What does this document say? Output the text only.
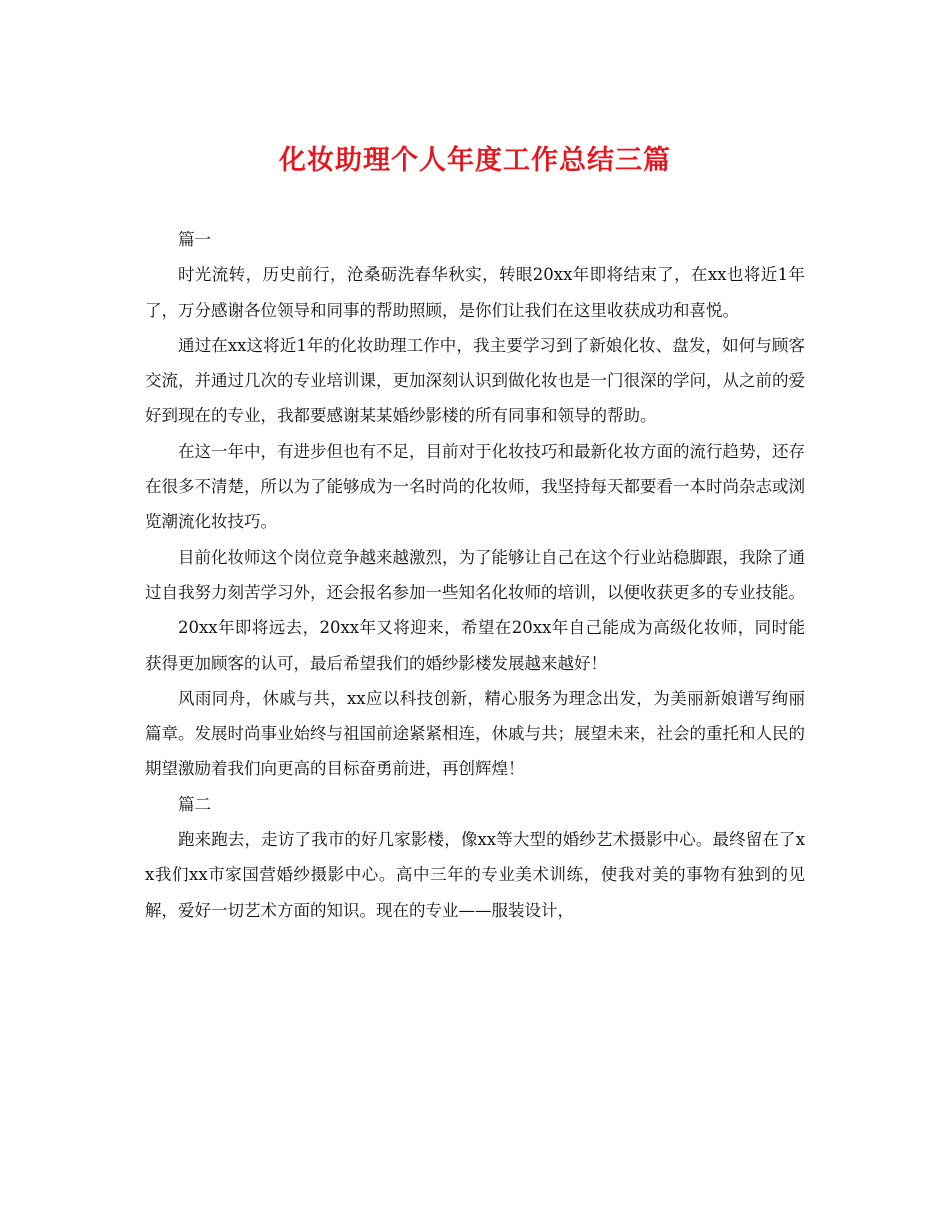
化妆助理个人年度工作总结三篇

篇一

时光流转，历史前行，沧桑砺洗春华秋实，转眼20xx年即将结束了，在xx也将近1年了，万分感谢各位领导和同事的帮助照顾，是你们让我们在这里收获成功和喜悦。

通过在xx这将近1年的化妆助理工作中，我主要学习到了新娘化妆、盘发，如何与顾客交流，并通过几次的专业培训课，更加深刻认识到做化妆也是一门很深的学问，从之前的爱好到现在的专业，我都要感谢某某婚纱影楼的所有同事和领导的帮助。

在这一年中，有进步但也有不足，目前对于化妆技巧和最新化妆方面的流行趋势，还存在很多不清楚，所以为了能够成为一名时尚的化妆师，我坚持每天都要看一本时尚杂志或浏览潮流化妆技巧。

目前化妆师这个岗位竞争越来越激烈，为了能够让自己在这个行业站稳脚跟，我除了通过自我努力刻苦学习外，还会报名参加一些知名化妆师的培训，以便收获更多的专业技能。

20xx年即将远去，20xx年又将迎来，希望在20xx年自己能成为高级化妆师，同时能获得更加顾客的认可，最后希望我们的婚纱影楼发展越来越好！

风雨同舟，休戚与共，xx应以科技创新，精心服务为理念出发，为美丽新娘谱写绚丽篇章。发展时尚事业始终与祖国前途紧紧相连，休戚与共；展望未来，社会的重托和人民的期望激励着我们向更高的目标奋勇前进，再创辉煌！

篇二

跑来跑去，走访了我市的好几家影楼，像xx等大型的婚纱艺术摄影中心。最终留在了xx我们xx市家国营婚纱摄影中心。高中三年的专业美术训练，使我对美的事物有独到的见解，爱好一切艺术方面的知识。现在的专业——服装设计，
